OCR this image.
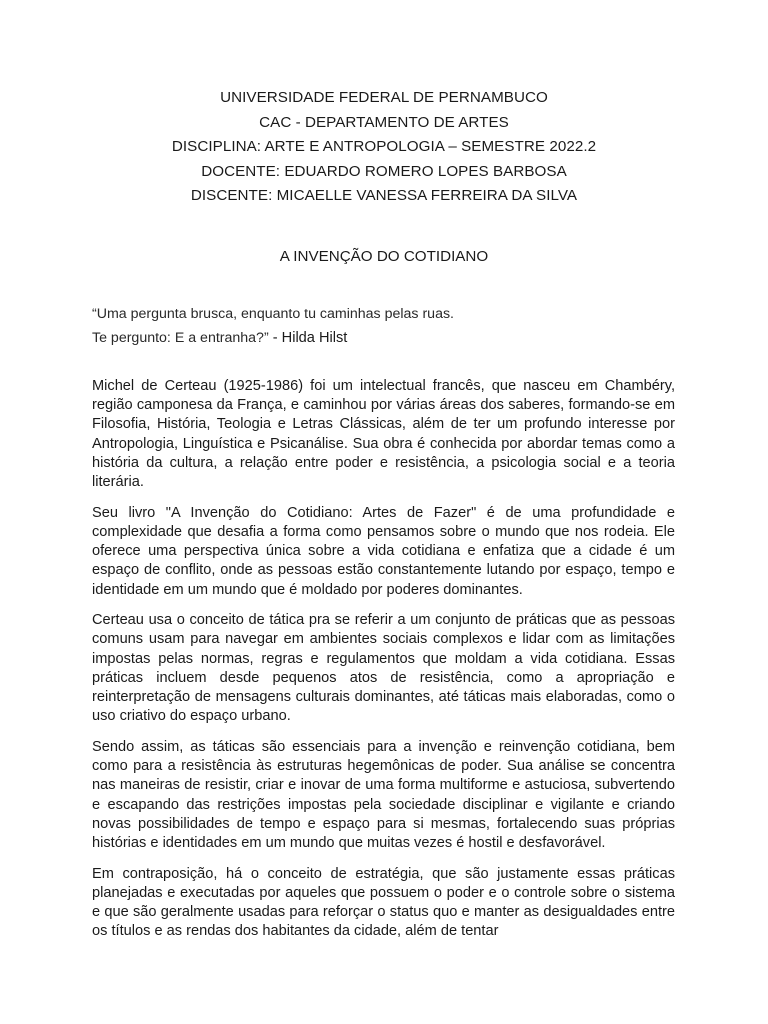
UNIVERSIDADE FEDERAL DE PERNAMBUCO
CAC - DEPARTAMENTO DE ARTES
DISCIPLINA: ARTE E ANTROPOLOGIA – SEMESTRE 2022.2
DOCENTE: EDUARDO ROMERO LOPES BARBOSA
DISCENTE: MICAELLE VANESSA FERREIRA DA SILVA
A INVENÇÃO DO COTIDIANO
“Uma pergunta brusca, enquanto tu caminhas pelas ruas.
Te pergunto: E a entranha?” - Hilda Hilst

Michel de Certeau (1925-1986) foi um intelectual francês, que nasceu em Chambéry, região camponesa da França, e caminhou por várias áreas dos saberes, formando-se em Filosofia, História, Teologia e Letras Clássicas, além de ter um profundo interesse por Antropologia, Linguística e Psicanálise. Sua obra é conhecida por abordar temas como a história da cultura, a relação entre poder e resistência, a psicologia social e a teoria literária.

Seu livro "A Invenção do Cotidiano: Artes de Fazer" é de uma profundidade e complexidade que desafia a forma como pensamos sobre o mundo que nos rodeia. Ele oferece uma perspectiva única sobre a vida cotidiana e enfatiza que a cidade é um espaço de conflito, onde as pessoas estão constantemente lutando por espaço, tempo e identidade em um mundo que é moldado por poderes dominantes.

Certeau usa o conceito de tática pra se referir a um conjunto de práticas que as pessoas comuns usam para navegar em ambientes sociais complexos e lidar com as limitações impostas pelas normas, regras e regulamentos que moldam a vida cotidiana. Essas práticas incluem desde pequenos atos de resistência, como a apropriação e reinterpretação de mensagens culturais dominantes, até táticas mais elaboradas, como o uso criativo do espaço urbano.

Sendo assim, as táticas são essenciais para a invenção e reinvenção cotidiana, bem como para a resistência às estruturas hegemônicas de poder. Sua análise se concentra nas maneiras de resistir, criar e inovar de uma forma multiforme e astuciosa, subvertendo e escapando das restrições impostas pela sociedade disciplinar e vigilante e criando novas possibilidades de tempo e espaço para si mesmas, fortalecendo suas próprias histórias e identidades em um mundo que muitas vezes é hostil e desfavorável.

Em contraposição, há o conceito de estratégia, que são justamente essas práticas planejadas e executadas por aqueles que possuem o poder e o controle sobre o sistema e que são geralmente usadas para reforçar o status quo e manter as desigualdades entre os títulos e as rendas dos habitantes da cidade, além de tentar
